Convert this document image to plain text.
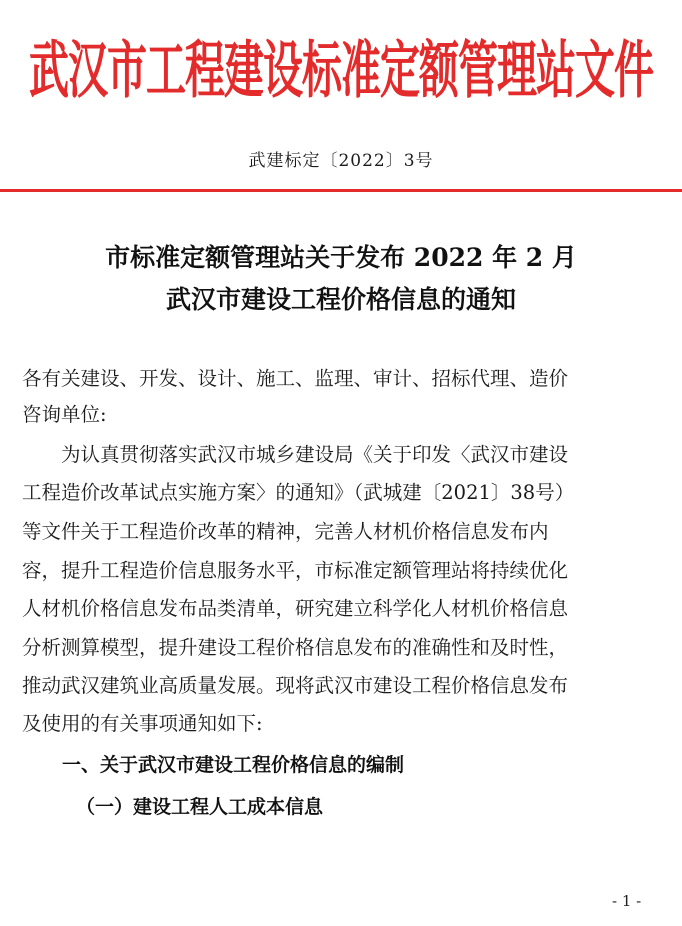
武汉市工程建设标准定额管理站文件
武建标定〔2022〕3号
市标准定额管理站关于发布 2022 年 2 月
武汉市建设工程价格信息的通知
各有关建设、开发、设计、施工、监理、审计、招标代理、造价
咨询单位:
　　为认真贯彻落实武汉市城乡建设局《关于印发〈武汉市建设
工程造价改革试点实施方案〉的通知》（武城建〔2021〕38号）
等文件关于工程造价改革的精神，完善人材机价格信息发布内
容，提升工程造价信息服务水平，市标准定额管理站将持续优化
人材机价格信息发布品类清单，研究建立科学化人材机价格信息
分析测算模型，提升建设工程价格信息发布的准确性和及时性，
推动武汉建筑业高质量发展。现将武汉市建设工程价格信息发布
及使用的有关事项通知如下:
一、关于武汉市建设工程价格信息的编制
（一）建设工程人工成本信息
- 1 -
